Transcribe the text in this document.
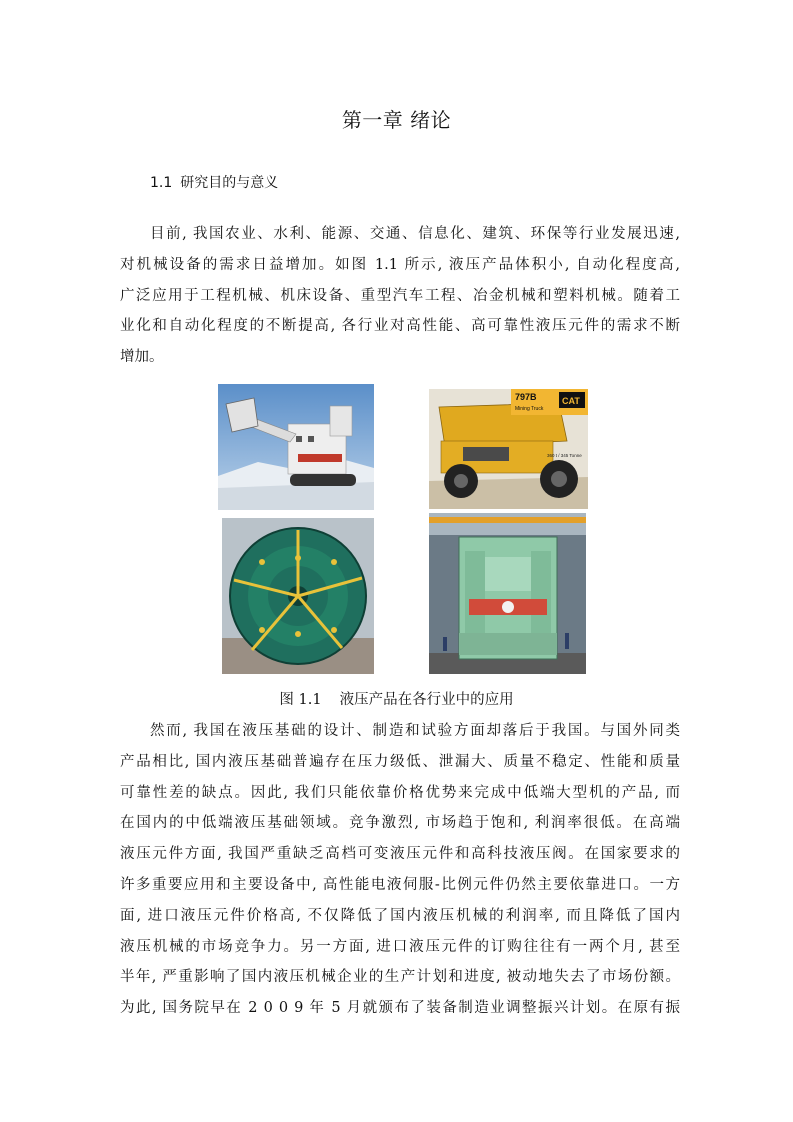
第一章 绪论
1.1 研究目的与意义
目前, 我国农业、水利、能源、交通、信息化、建筑、环保等行业发展迅速,
对机械设备的需求日益增加。如图 1.1 所示, 液压产品体积小, 自动化程度高,
广泛应用于工程机械、机床设备、重型汽车工程、冶金机械和塑料机械。随着工
业化和自动化程度的不断提高, 各行业对高性能、高可靠性液压元件的需求不断
增加。
797B
Mining Truck
CAT
360 t / 345 Tonne
图 1.1 液压产品在各行业中的应用
然而, 我国在液压基础的设计、制造和试验方面却落后于我国。与国外同类
产品相比, 国内液压基础普遍存在压力级低、泄漏大、质量不稳定、性能和质量
可靠性差的缺点。因此, 我们只能依靠价格优势来完成中低端大型机的产品, 而
在国内的中低端液压基础领域。竞争激烈, 市场趋于饱和, 利润率很低。在高端
液压元件方面, 我国严重缺乏高档可变液压元件和高科技液压阀。在国家要求的
许多重要应用和主要设备中, 高性能电液伺服-比例元件仍然主要依靠进口。一方
面, 进口液压元件价格高, 不仅降低了国内液压机械的利润率, 而且降低了国内
液压机械的市场竞争力。另一方面, 进口液压元件的订购往往有一两个月, 甚至
半年, 严重影响了国内液压机械企业的生产计划和进度, 被动地失去了市场份额。
为此, 国务院早在 2 0 0 9 年 5 月就颁布了装备制造业调整振兴计划。在原有振
